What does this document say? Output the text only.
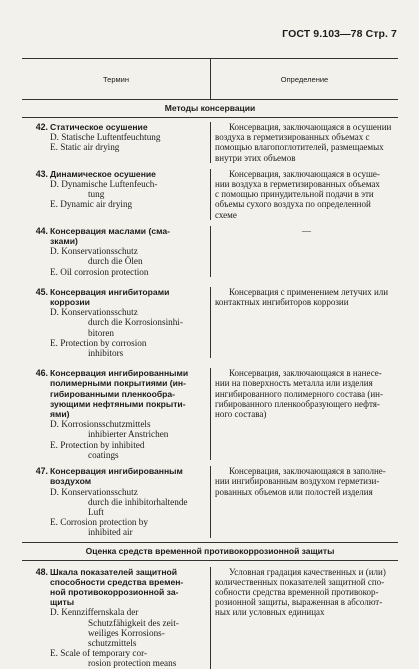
ГОСТ 9.103—78 Стр. 7
Термин	Определение
Методы консервации
42. Статическое осушение
D. Statische Luftentfeuchtung
E. Static air drying
Консервация, заключающаяся в осушении
воздуха в герметизированных объемах с
помощью влагопоглотителей, размещаемых
внутри этих объемов
43. Динамическое осушение
D. Dynamische Luftenfeuch-
tung
E. Dynamic air drying
Консервация, заключающаяся в осуше-
нии воздуха в герметизированных объемах
с помощью принудительной подачи в эти
объемы сухого воздуха по определенной
схеме
44. Консервация маслами (сма-
зками)
D. Konservationsschutz
durch die Ölen
E. Oil corrosion protection
—
45. Консервация ингибиторами
коррозии
D. Konservationsschutz
durch die Korrosionsinhi-
bitoren
E. Protection by corrosion
inhibitors
Консервация с применением летучих или
контактных ингибиторов коррозии
46. Консервация ингибированными
полимерными покрытиями (ин-
гибированными пленкообра-
зующими нефтяными покрыти-
ями)
D. Korrosionsschutzmittels
inhibierter Anstrichen
E. Protection by inhibited
coatings
Консервация, заключающаяся в нанесе-
нии на поверхность металла или изделия
ингибированного полимерного состава (ин-
гибированного пленкообразующего нефтя-
ного состава)
47. Консервация ингибированным
воздухом
D. Konservationsschutz
durch die inhibitorhaltende
Luft
E. Corrosion protection by
inhibited air
Консервация, заключающаяся в заполне-
нии ингибированным воздухом герметизи-
рованных объемов или полостей изделия
Оценка средств временной противокоррозионной защиты
48. Шкала показателей защитной
способности средства времен-
ной противокоррозионной за-
щиты
D. Kennziffernskala der
Schutzfähigkeit des zeit-
weiliges Korrosions-
schutzmittels
E. Scale of temporary cor-
rosion protection means
Условная градация качественных и (или)
количественных показателей защитной спо-
собности средства временной противокор-
розионной защиты, выраженная в абсолют-
ных или условных единицах
